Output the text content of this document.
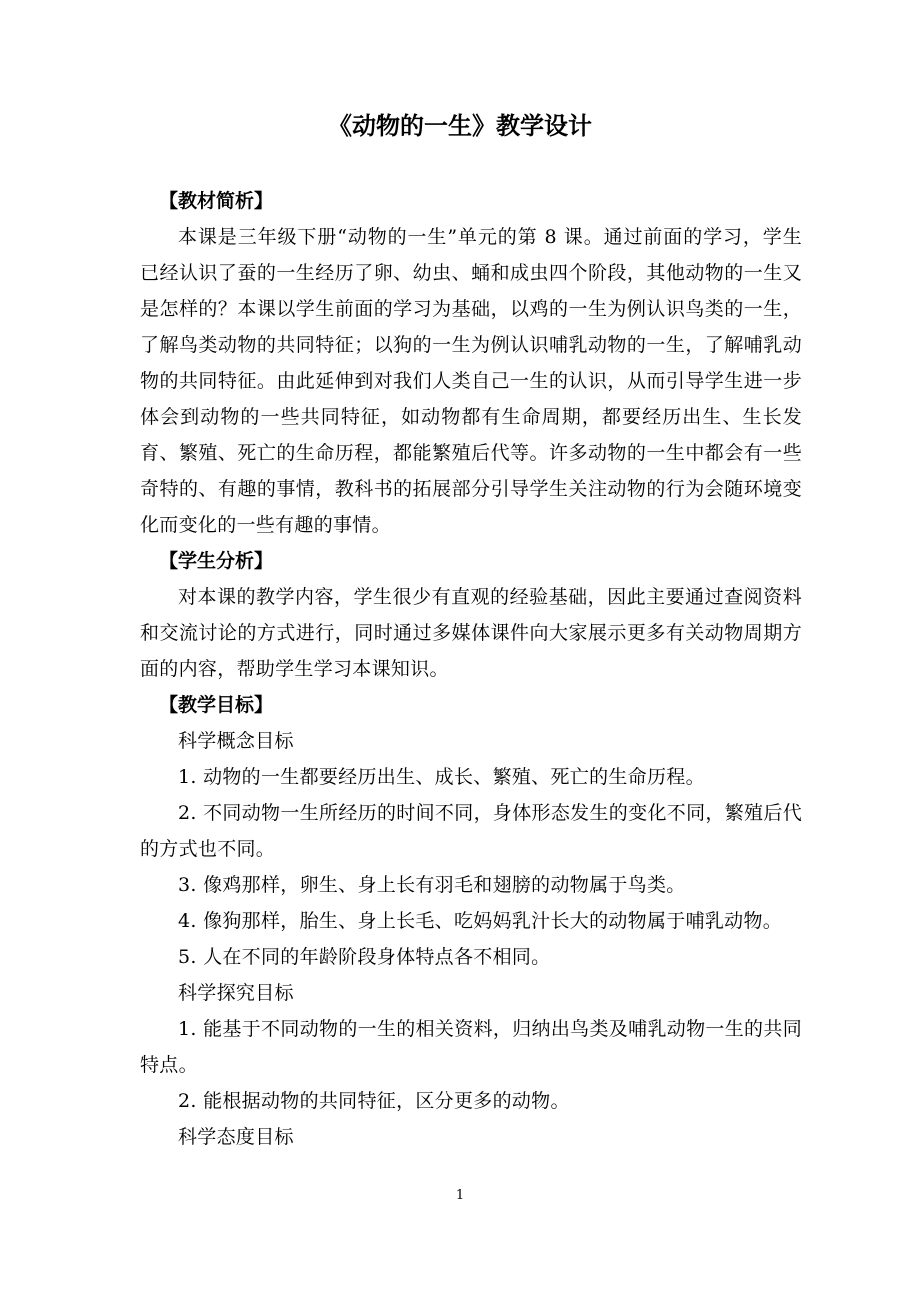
《动物的一生》教学设计
【教材简析】

本课是三年级下册“动物的一生”单元的第 8 课。通过前面的学习，学生已经认识了蚕的一生经历了卵、幼虫、蛹和成虫四个阶段，其他动物的一生又是怎样的？本课以学生前面的学习为基础，以鸡的一生为例认识鸟类的一生，了解鸟类动物的共同特征；以狗的一生为例认识哺乳动物的一生，了解哺乳动物的共同特征。由此延伸到对我们人类自己一生的认识，从而引导学生进一步体会到动物的一些共同特征，如动物都有生命周期，都要经历出生、生长发育、繁殖、死亡的生命历程，都能繁殖后代等。许多动物的一生中都会有一些奇特的、有趣的事情，教科书的拓展部分引导学生关注动物的行为会随环境变化而变化的一些有趣的事情。

【学生分析】

对本课的教学内容，学生很少有直观的经验基础，因此主要通过查阅资料和交流讨论的方式进行，同时通过多媒体课件向大家展示更多有关动物周期方面的内容，帮助学生学习本课知识。

【教学目标】

科学概念目标

1. 动物的一生都要经历出生、成长、繁殖、死亡的生命历程。

2. 不同动物一生所经历的时间不同，身体形态发生的变化不同，繁殖后代的方式也不同。

3. 像鸡那样，卵生、身上长有羽毛和翅膀的动物属于鸟类。

4. 像狗那样，胎生、身上长毛、吃妈妈乳汁长大的动物属于哺乳动物。

5. 人在不同的年龄阶段身体特点各不相同。

科学探究目标

1. 能基于不同动物的一生的相关资料，归纳出鸟类及哺乳动物一生的共同特点。

2. 能根据动物的共同特征，区分更多的动物。

科学态度目标

1
